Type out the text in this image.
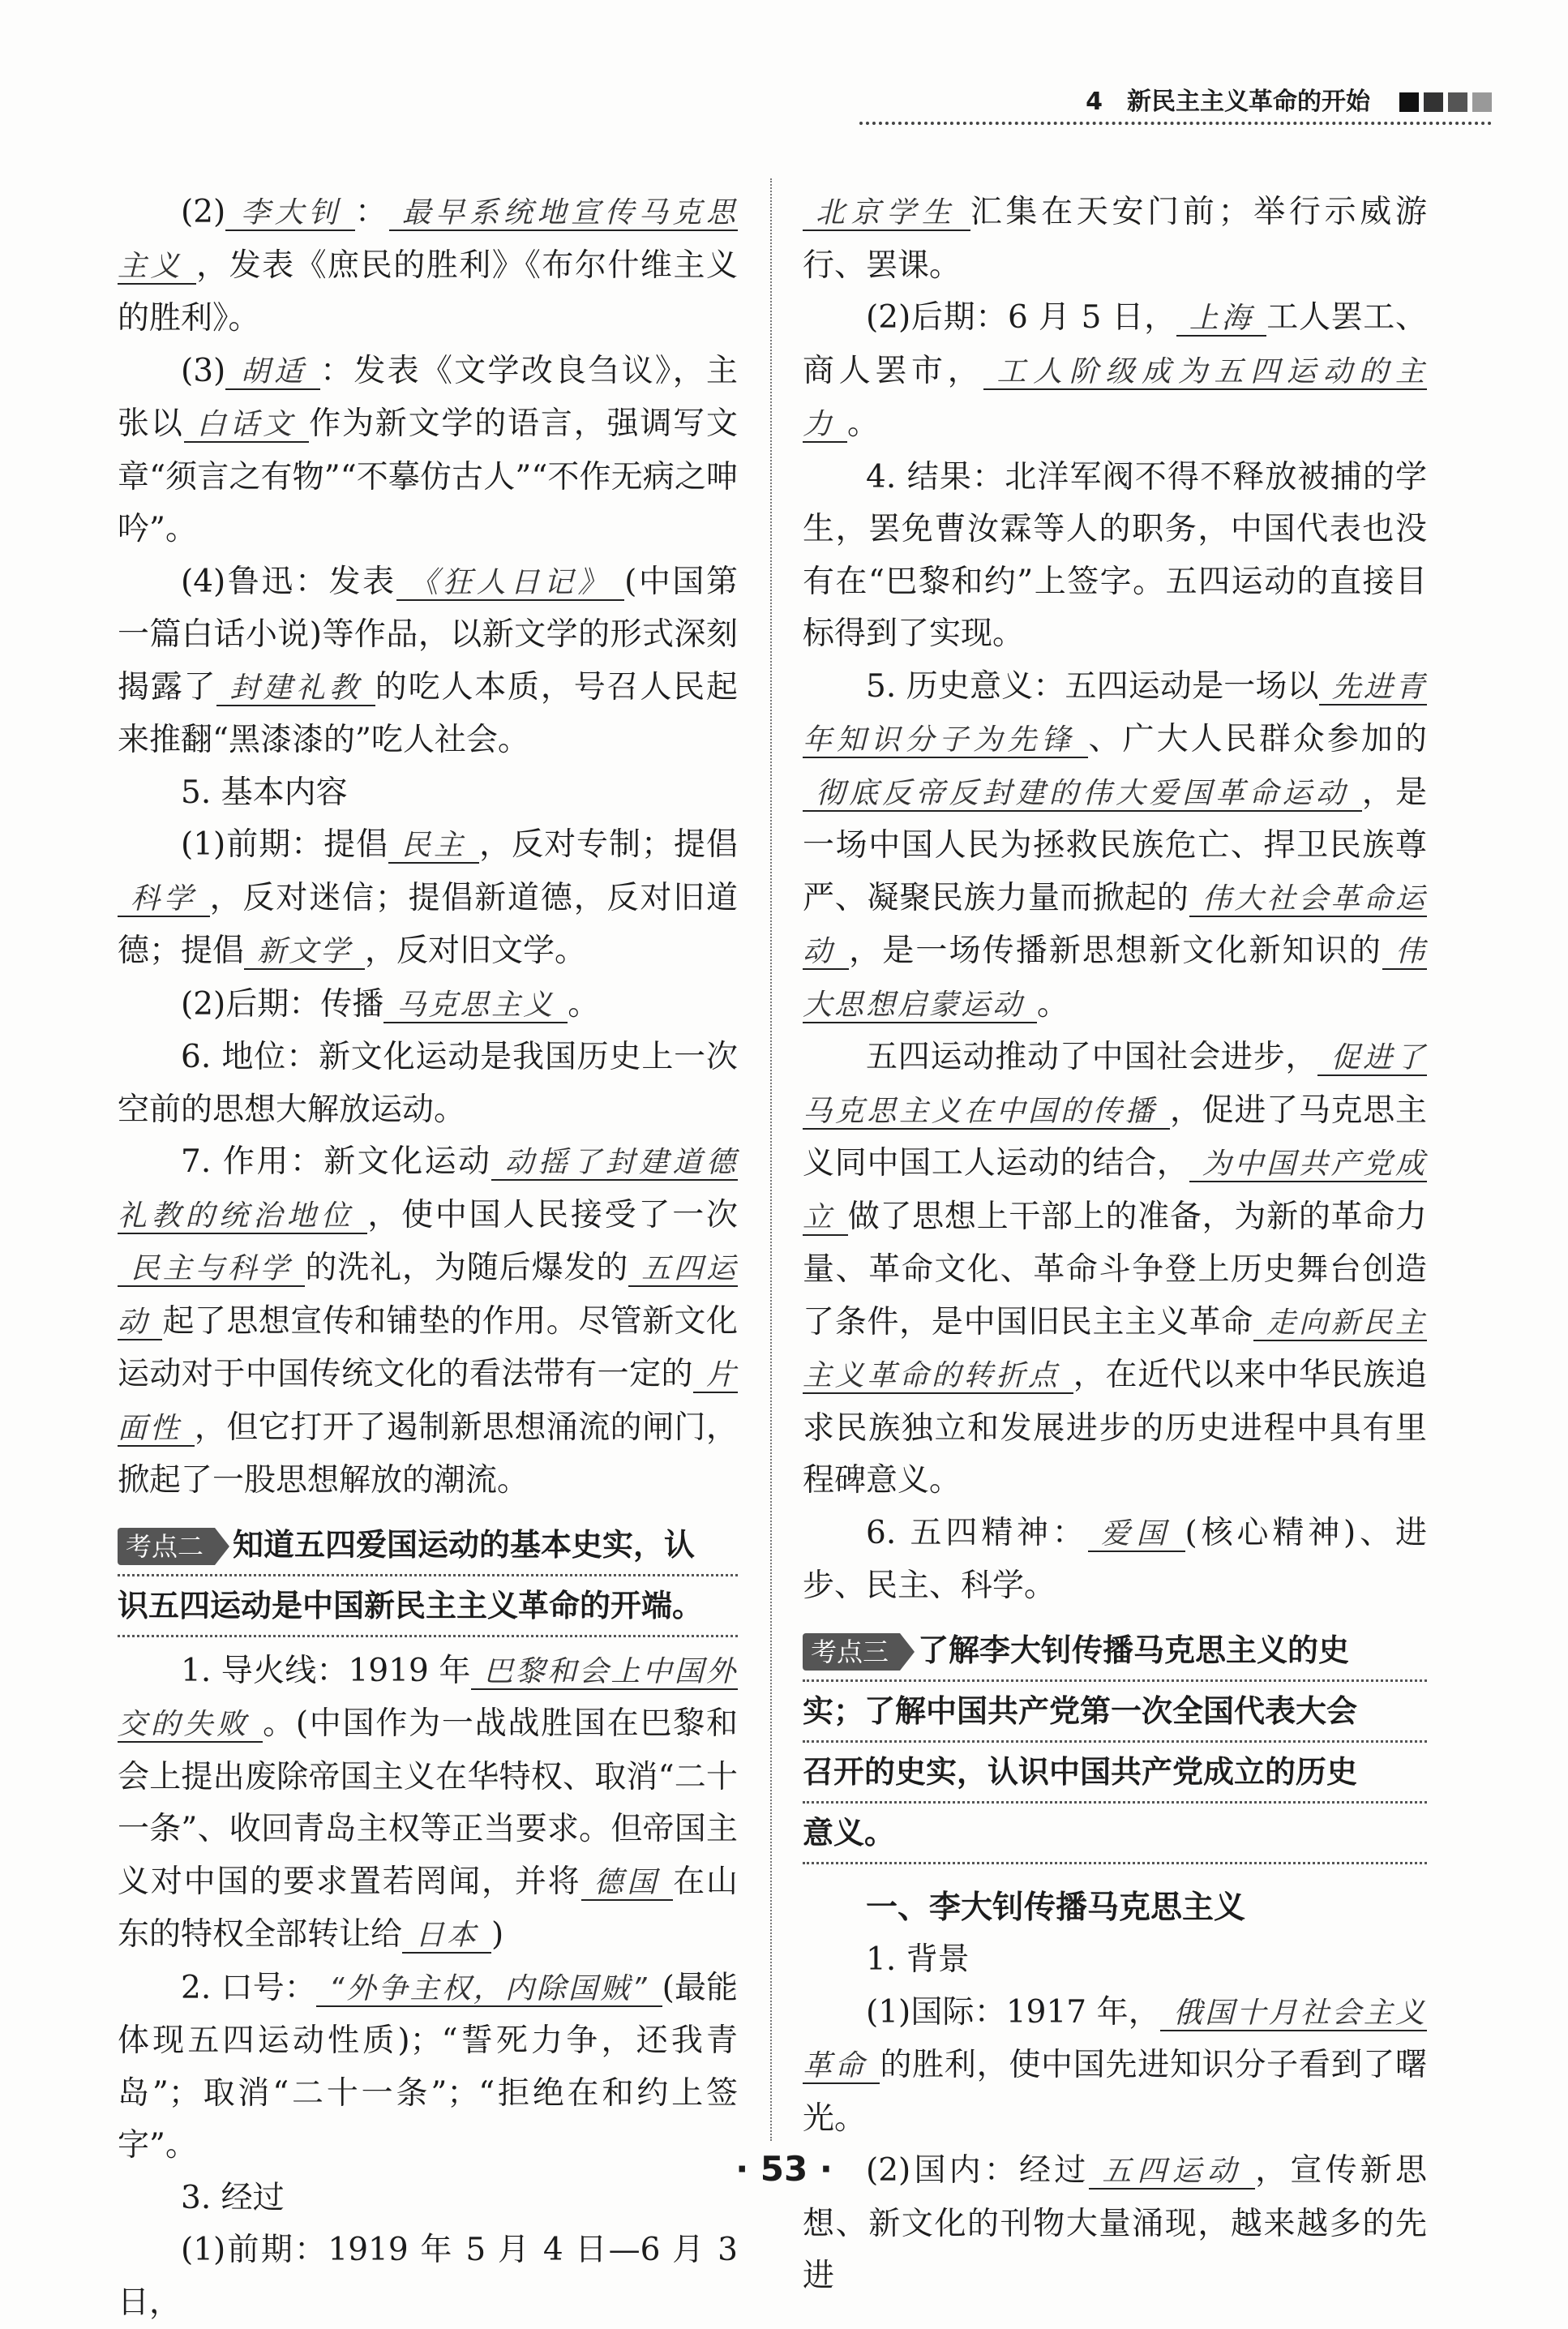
4　新民主主义革命的开始

(2) 李大钊 ： 最早系统地宣传马克思主义 ，发表《庶民的胜利》《布尔什维主义的胜利》。

(3) 胡适 ：发表《文学改良刍议》，主张以 白话文 作为新文学的语言，强调写文章“须言之有物”“不摹仿古人”“不作无病之呻吟”。

(4)鲁迅：发表 《狂人日记》 (中国第一篇白话小说)等作品，以新文学的形式深刻揭露了 封建礼教 的吃人本质，号召人民起来推翻“黑漆漆的”吃人社会。

5. 基本内容

(1)前期：提倡 民主 ，反对专制；提倡科学 ，反对迷信；提倡新道德，反对旧道德；提倡 新文学 ，反对旧文学。

(2)后期：传播 马克思主义 。

6. 地位：新文化运动是我国历史上一次空前的思想大解放运动。

7. 作用：新文化运动 动摇了封建道德礼教的统治地位 ，使中国人民接受了一次民主与科学 的洗礼，为随后爆发的 五四运动 起了思想宣传和铺垫的作用。尽管新文化运动对于中国传统文化的看法带有一定的 片面性 ，但它打开了遏制新思想涌流的闸门，掀起了一股思想解放的潮流。

考点二 知道五四爱国运动的基本史实，认
识五四运动是中国新民主主义革命的开端。

1. 导火线：1919 年 巴黎和会上中国外交的失败 。(中国作为一战战胜国在巴黎和会上提出废除帝国主义在华特权、取消“二十一条”、收回青岛主权等正当要求。但帝国主义对中国的要求置若罔闻，并将 德国 在山东的特权全部转让给 日本 )

2. 口号： “外争主权，内除国贼” (最能体现五四运动性质)；“誓死力争，还我青岛”；取消“二十一条”；“拒绝在和约上签字”。

3. 经过

(1)前期：1919 年 5 月 4 日—6 月 3 日，

北京学生 汇集在天安门前；举行示威游行、罢课。

(2)后期：6 月 5 日， 上海 工人罢工、商人罢市， 工人阶级成为五四运动的主力 。

4. 结果：北洋军阀不得不释放被捕的学生，罢免曹汝霖等人的职务，中国代表也没有在“巴黎和约”上签字。五四运动的直接目标得到了实现。

5. 历史意义：五四运动是一场以 先进青年知识分子为先锋 、广大人民群众参加的彻底反帝反封建的伟大爱国革命运动 ，是一场中国人民为拯救民族危亡、捍卫民族尊严、凝聚民族力量而掀起的 伟大社会革命运动 ，是一场传播新思想新文化新知识的 伟大思想启蒙运动 。

五四运动推动了中国社会进步， 促进了马克思主义在中国的传播 ，促进了马克思主义同中国工人运动的结合， 为中国共产党成立 做了思想上干部上的准备，为新的革命力量、革命文化、革命斗争登上历史舞台创造了条件，是中国旧民主主义革命 走向新民主主义革命的转折点 ，在近代以来中华民族追求民族独立和发展进步的历史进程中具有里程碑意义。

6. 五四精神： 爱国 (核心精神)、进步、民主、科学。

考点三 了解李大钊传播马克思主义的史
实；了解中国共产党第一次全国代表大会
召开的史实，认识中国共产党成立的历史
意义。

一、李大钊传播马克思主义

1. 背景

(1)国际：1917 年， 俄国十月社会主义革命 的胜利，使中国先进知识分子看到了曙光。

(2)国内：经过 五四运动 ，宣传新思想、新文化的刊物大量涌现，越来越多的先进

· 53 ·
